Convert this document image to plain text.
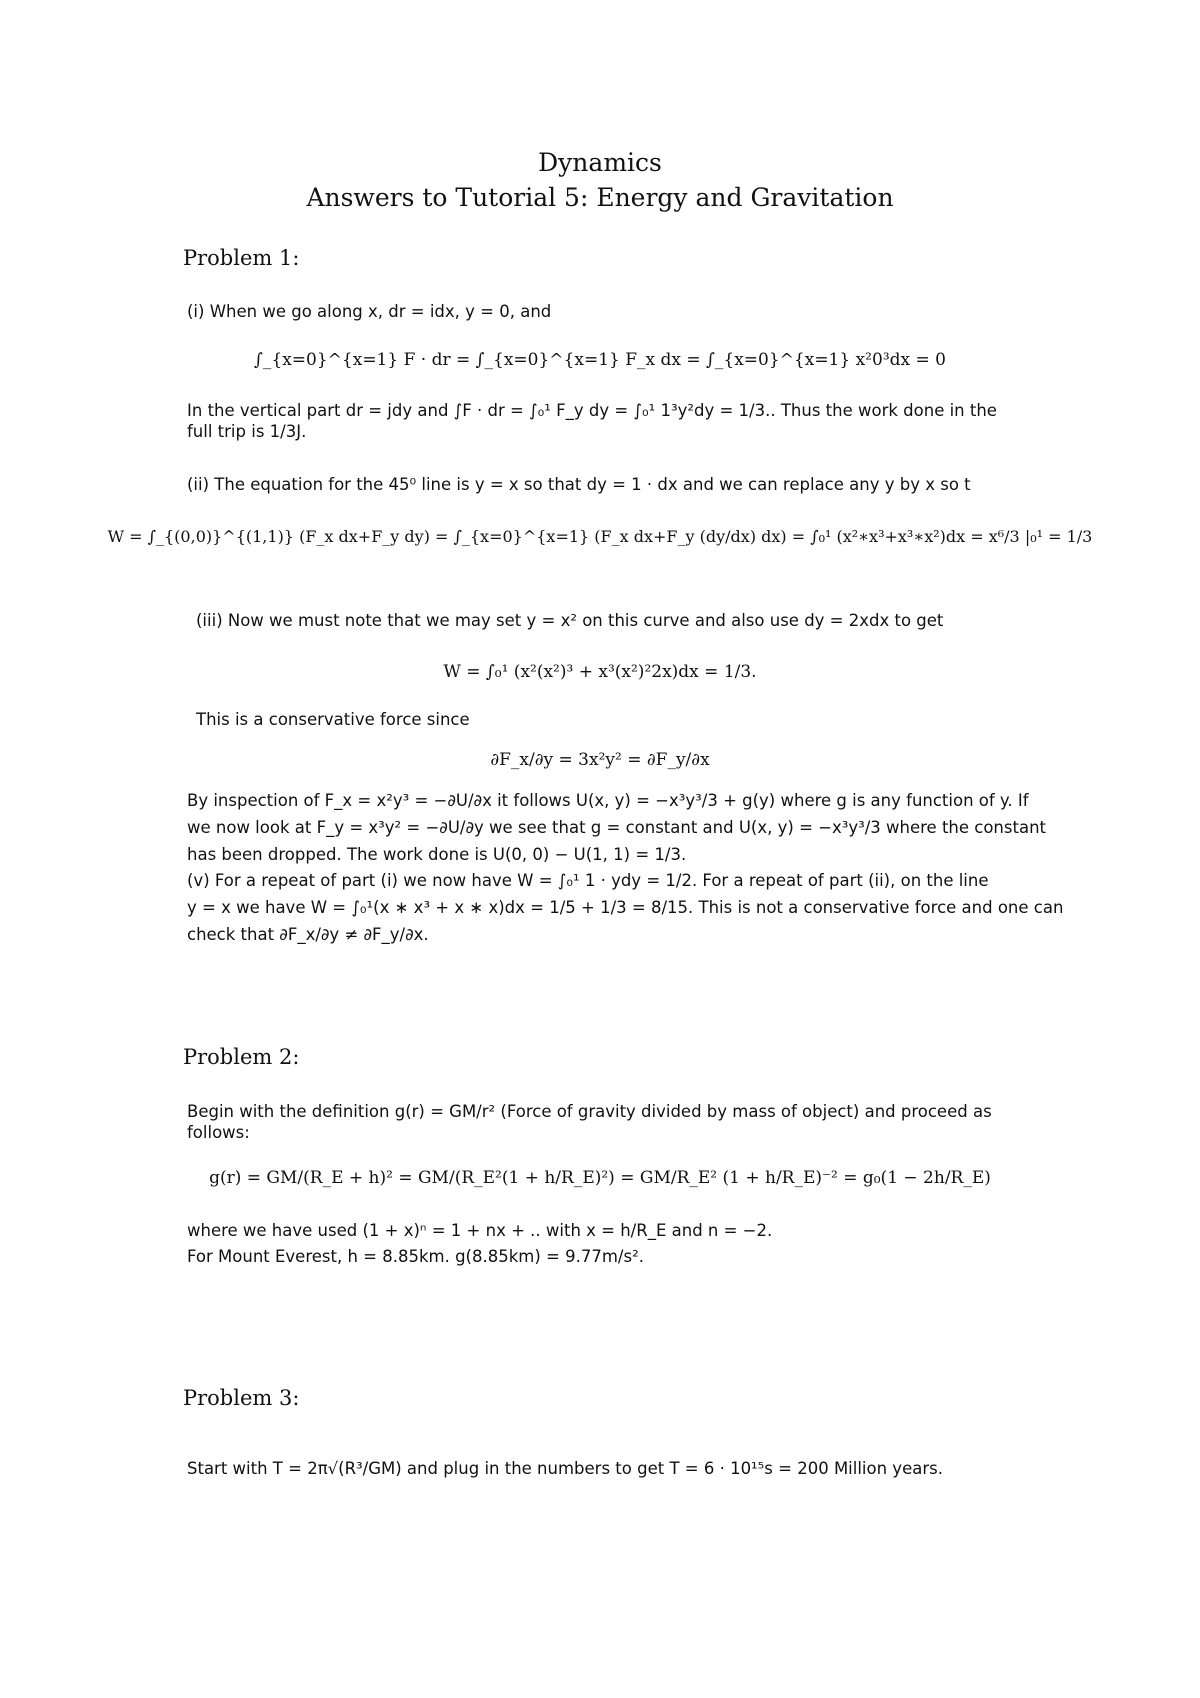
Dynamics
Answers to Tutorial 5: Energy and Gravitation
Problem 1:
(i) When we go along x, dr = idx, y = 0, and
∫_{x=0}^{x=1} F · dr = ∫_{x=0}^{x=1} F_x dx = ∫_{x=0}^{x=1} x²0³dx = 0
In the vertical part dr = jdy and ∫F · dr = ∫₀¹ F_y dy = ∫₀¹ 1³y²dy = 1/3.. Thus the work done in the
full trip is 1/3J.
(ii) The equation for the 45⁰ line is y = x so that dy = 1 · dx and we can replace any y by x so t
W = ∫_{(0,0)}^{(1,1)} (F_x dx+F_y dy) = ∫_{x=0}^{x=1} (F_x dx+F_y (dy/dx) dx) = ∫₀¹ (x²∗x³+x³∗x²)dx = x⁶/3 |₀¹ = 1/3
(iii) Now we must note that we may set y = x² on this curve and also use dy = 2xdx to get
W = ∫₀¹ (x²(x²)³ + x³(x²)²2x)dx = 1/3.
This is a conservative force since
∂F_x/∂y = 3x²y² = ∂F_y/∂x
By inspection of F_x = x²y³ = −∂U/∂x it follows U(x, y) = −x³y³/3 + g(y) where g is any function of y. If
we now look at F_y = x³y² = −∂U/∂y we see that g = constant and U(x, y) = −x³y³/3 where the constant
has been dropped. The work done is U(0, 0) − U(1, 1) = 1/3.
(v) For a repeat of part (i) we now have W = ∫₀¹ 1 · ydy = 1/2. For a repeat of part (ii), on the line
y = x we have W = ∫₀¹(x ∗ x³ + x ∗ x)dx = 1/5 + 1/3 = 8/15. This is not a conservative force and one can
check that ∂F_x/∂y ≠ ∂F_y/∂x.
Problem 2:
Begin with the definition g(r) = GM/r² (Force of gravity divided by mass of object) and proceed as
follows:
g(r) = GM/(R_E + h)² = GM/(R_E²(1 + h/R_E)²) = GM/R_E² (1 + h/R_E)⁻² = g₀(1 − 2h/R_E)
where we have used (1 + x)ⁿ = 1 + nx + .. with x = h/R_E and n = −2.
For Mount Everest, h = 8.85km. g(8.85km) = 9.77m/s².
Problem 3:
Start with T = 2π√(R³/GM) and plug in the numbers to get T = 6 · 10¹⁵s = 200 Million years.
